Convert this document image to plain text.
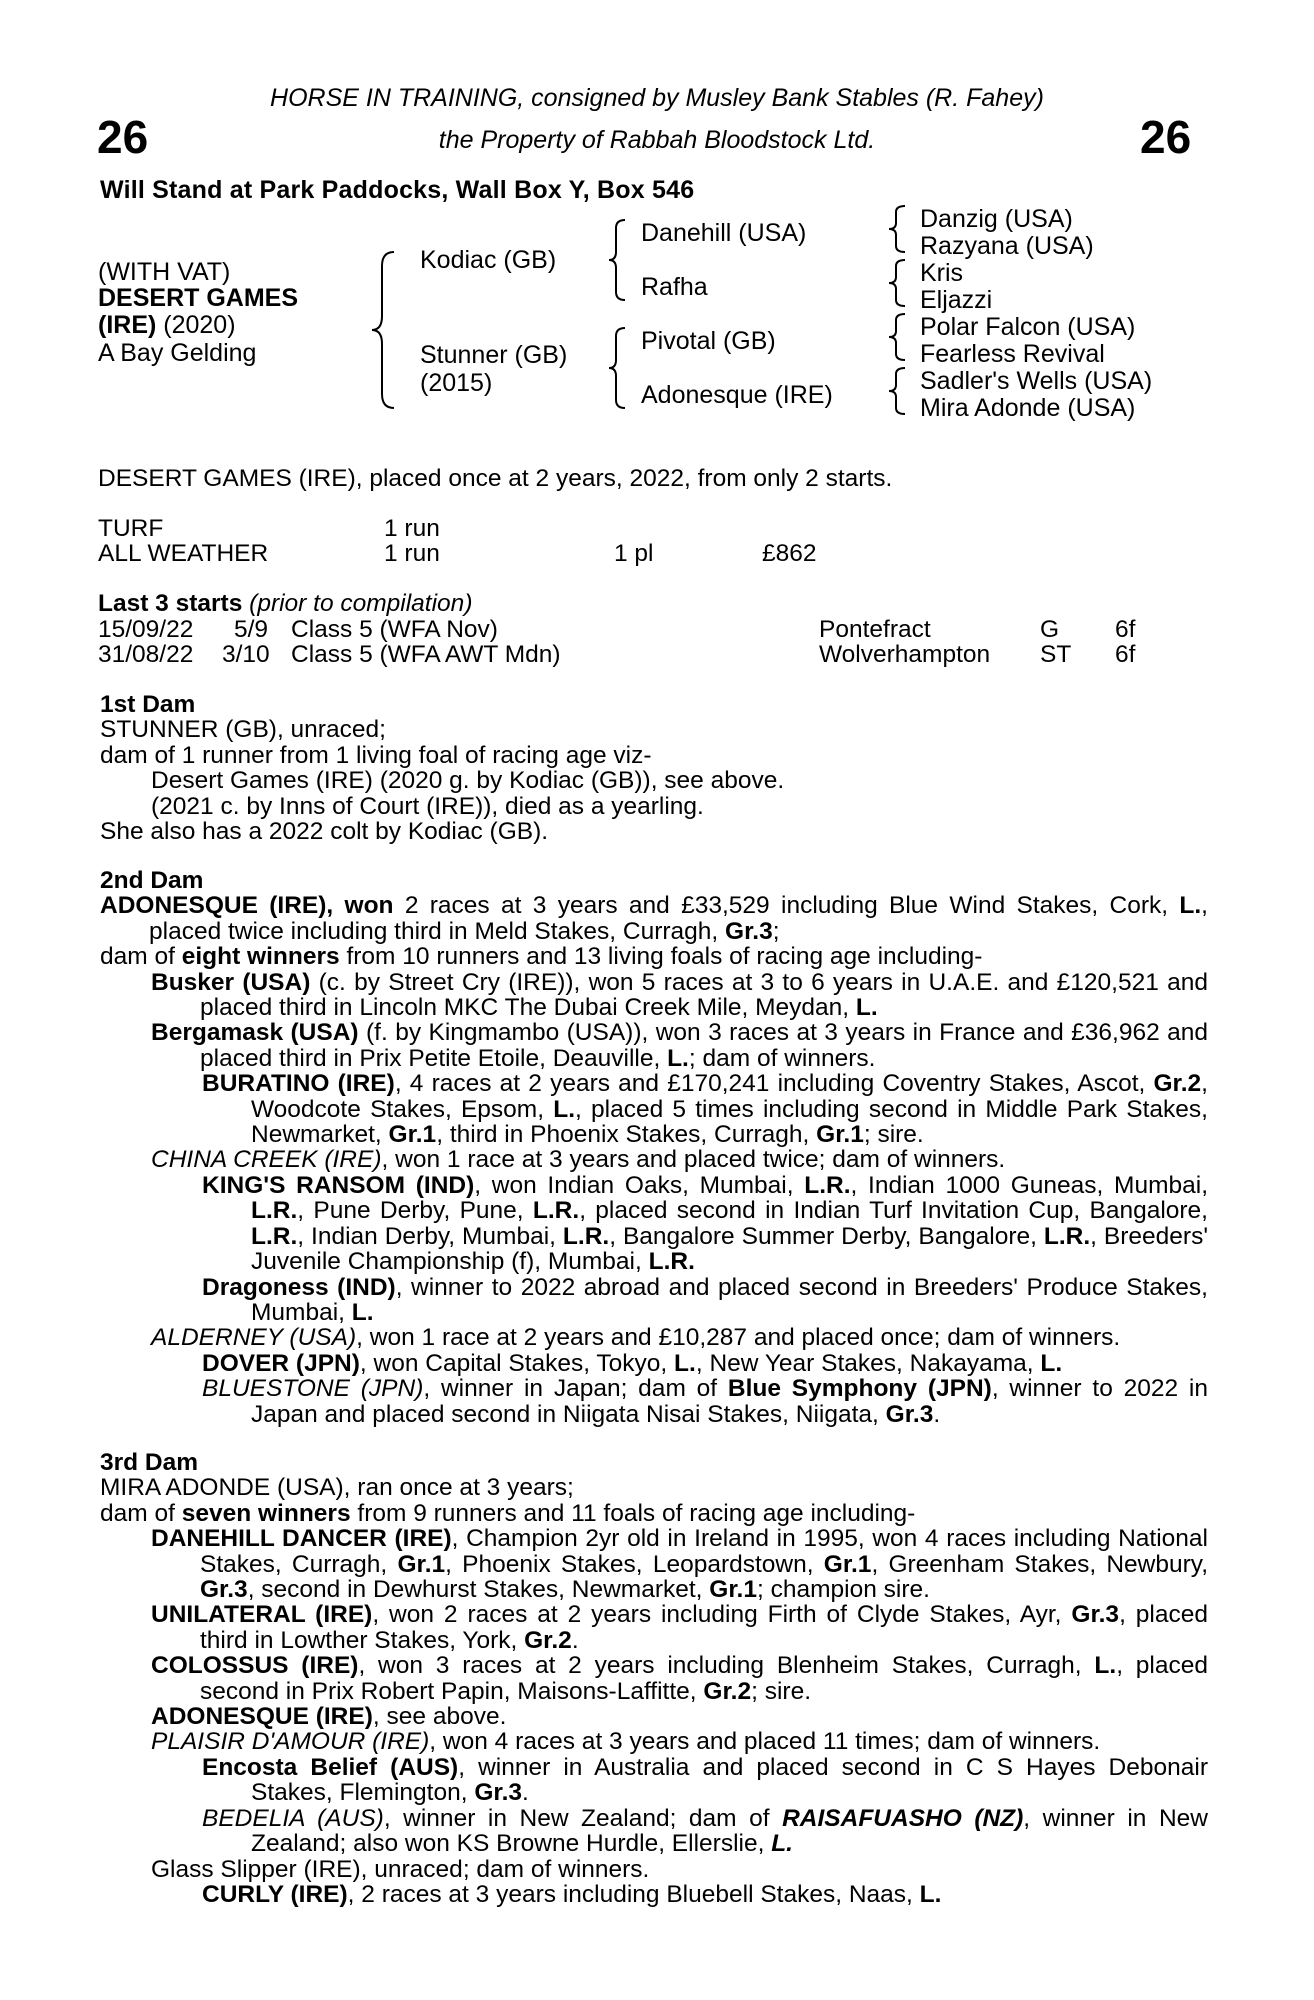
26	26
HORSE IN TRAINING, consigned by Musley Bank Stables (R. Fahey)
the Property of Rabbah Bloodstock Ltd.
Will Stand at Park Paddocks, Wall Box Y, Box 546
(WITH VAT)
DESERT GAMES
(IRE) (2020)
A Bay Gelding
Kodiac (GB)
Stunner (GB)
(2015)
Danehill (USA)
Rafha
Pivotal (GB)
Adonesque (IRE)
Danzig (USA)
Razyana (USA)
Kris
Eljazzi
Polar Falcon (USA)
Fearless Revival
Sadler's Wells (USA)
Mira Adonde (USA)
DESERT GAMES (IRE), placed once at 2 years, 2022, from only 2 starts.
TURF	1 run
ALL WEATHER	1 run	1 pl	£862
Last 3 starts (prior to compilation)
15/09/22 5/9 Class 5 (WFA Nov)	Pontefract	G 6f
31/08/22 3/10 Class 5 (WFA AWT Mdn)	Wolverhampton ST 6f

1st Dam

STUNNER (GB), unraced;

dam of 1 runner from 1 living foal of racing age viz-

Desert Games (IRE) (2020 g. by Kodiac (GB)), see above.

(2021 c. by Inns of Court (IRE)), died as a yearling.

She also has a 2022 colt by Kodiac (GB).

2nd Dam

ADONESQUE (IRE), won 2 races at 3 years and £33,529 including Blue Wind Stakes, Cork, L., placed twice including third in Meld Stakes, Curragh, Gr.3;

dam of eight winners from 10 runners and 13 living foals of racing age including-

Busker (USA) (c. by Street Cry (IRE)), won 5 races at 3 to 6 years in U.A.E. and £120,521 and placed third in Lincoln MKC The Dubai Creek Mile, Meydan, L.

Bergamask (USA) (f. by Kingmambo (USA)), won 3 races at 3 years in France and £36,962 and placed third in Prix Petite Etoile, Deauville, L.; dam of winners.

BURATINO (IRE), 4 races at 2 years and £170,241 including Coventry Stakes, Ascot, Gr.2, Woodcote Stakes, Epsom, L., placed 5 times including second in Middle Park Stakes, Newmarket, Gr.1, third in Phoenix Stakes, Curragh, Gr.1; sire.

CHINA CREEK (IRE), won 1 race at 3 years and placed twice; dam of winners.

KING'S RANSOM (IND), won Indian Oaks, Mumbai, L.R., Indian 1000 Guneas, Mumbai, L.R., Pune Derby, Pune, L.R., placed second in Indian Turf Invitation Cup, Bangalore, L.R., Indian Derby, Mumbai, L.R., Bangalore Summer Derby, Bangalore, L.R., Breeders' Juvenile Championship (f), Mumbai, L.R.

Dragoness (IND), winner to 2022 abroad and placed second in Breeders' Produce Stakes, Mumbai, L.

ALDERNEY (USA), won 1 race at 2 years and £10,287 and placed once; dam of winners.

DOVER (JPN), won Capital Stakes, Tokyo, L., New Year Stakes, Nakayama, L.

BLUESTONE (JPN), winner in Japan; dam of Blue Symphony (JPN), winner to 2022 in Japan and placed second in Niigata Nisai Stakes, Niigata, Gr.3.

3rd Dam

MIRA ADONDE (USA), ran once at 3 years;

dam of seven winners from 9 runners and 11 foals of racing age including-

DANEHILL DANCER (IRE), Champion 2yr old in Ireland in 1995, won 4 races including National Stakes, Curragh, Gr.1, Phoenix Stakes, Leopardstown, Gr.1, Greenham Stakes, Newbury, Gr.3, second in Dewhurst Stakes, Newmarket, Gr.1; champion sire.

UNILATERAL (IRE), won 2 races at 2 years including Firth of Clyde Stakes, Ayr, Gr.3, placed third in Lowther Stakes, York, Gr.2.

COLOSSUS (IRE), won 3 races at 2 years including Blenheim Stakes, Curragh, L., placed second in Prix Robert Papin, Maisons-Laffitte, Gr.2; sire.

ADONESQUE (IRE), see above.

PLAISIR D'AMOUR (IRE), won 4 races at 3 years and placed 11 times; dam of winners.

Encosta Belief (AUS), winner in Australia and placed second in C S Hayes Debonair Stakes, Flemington, Gr.3.

BEDELIA (AUS), winner in New Zealand; dam of RAISAFUASHO (NZ), winner in New Zealand; also won KS Browne Hurdle, Ellerslie, L.

Glass Slipper (IRE), unraced; dam of winners.

CURLY (IRE), 2 races at 3 years including Bluebell Stakes, Naas, L.
